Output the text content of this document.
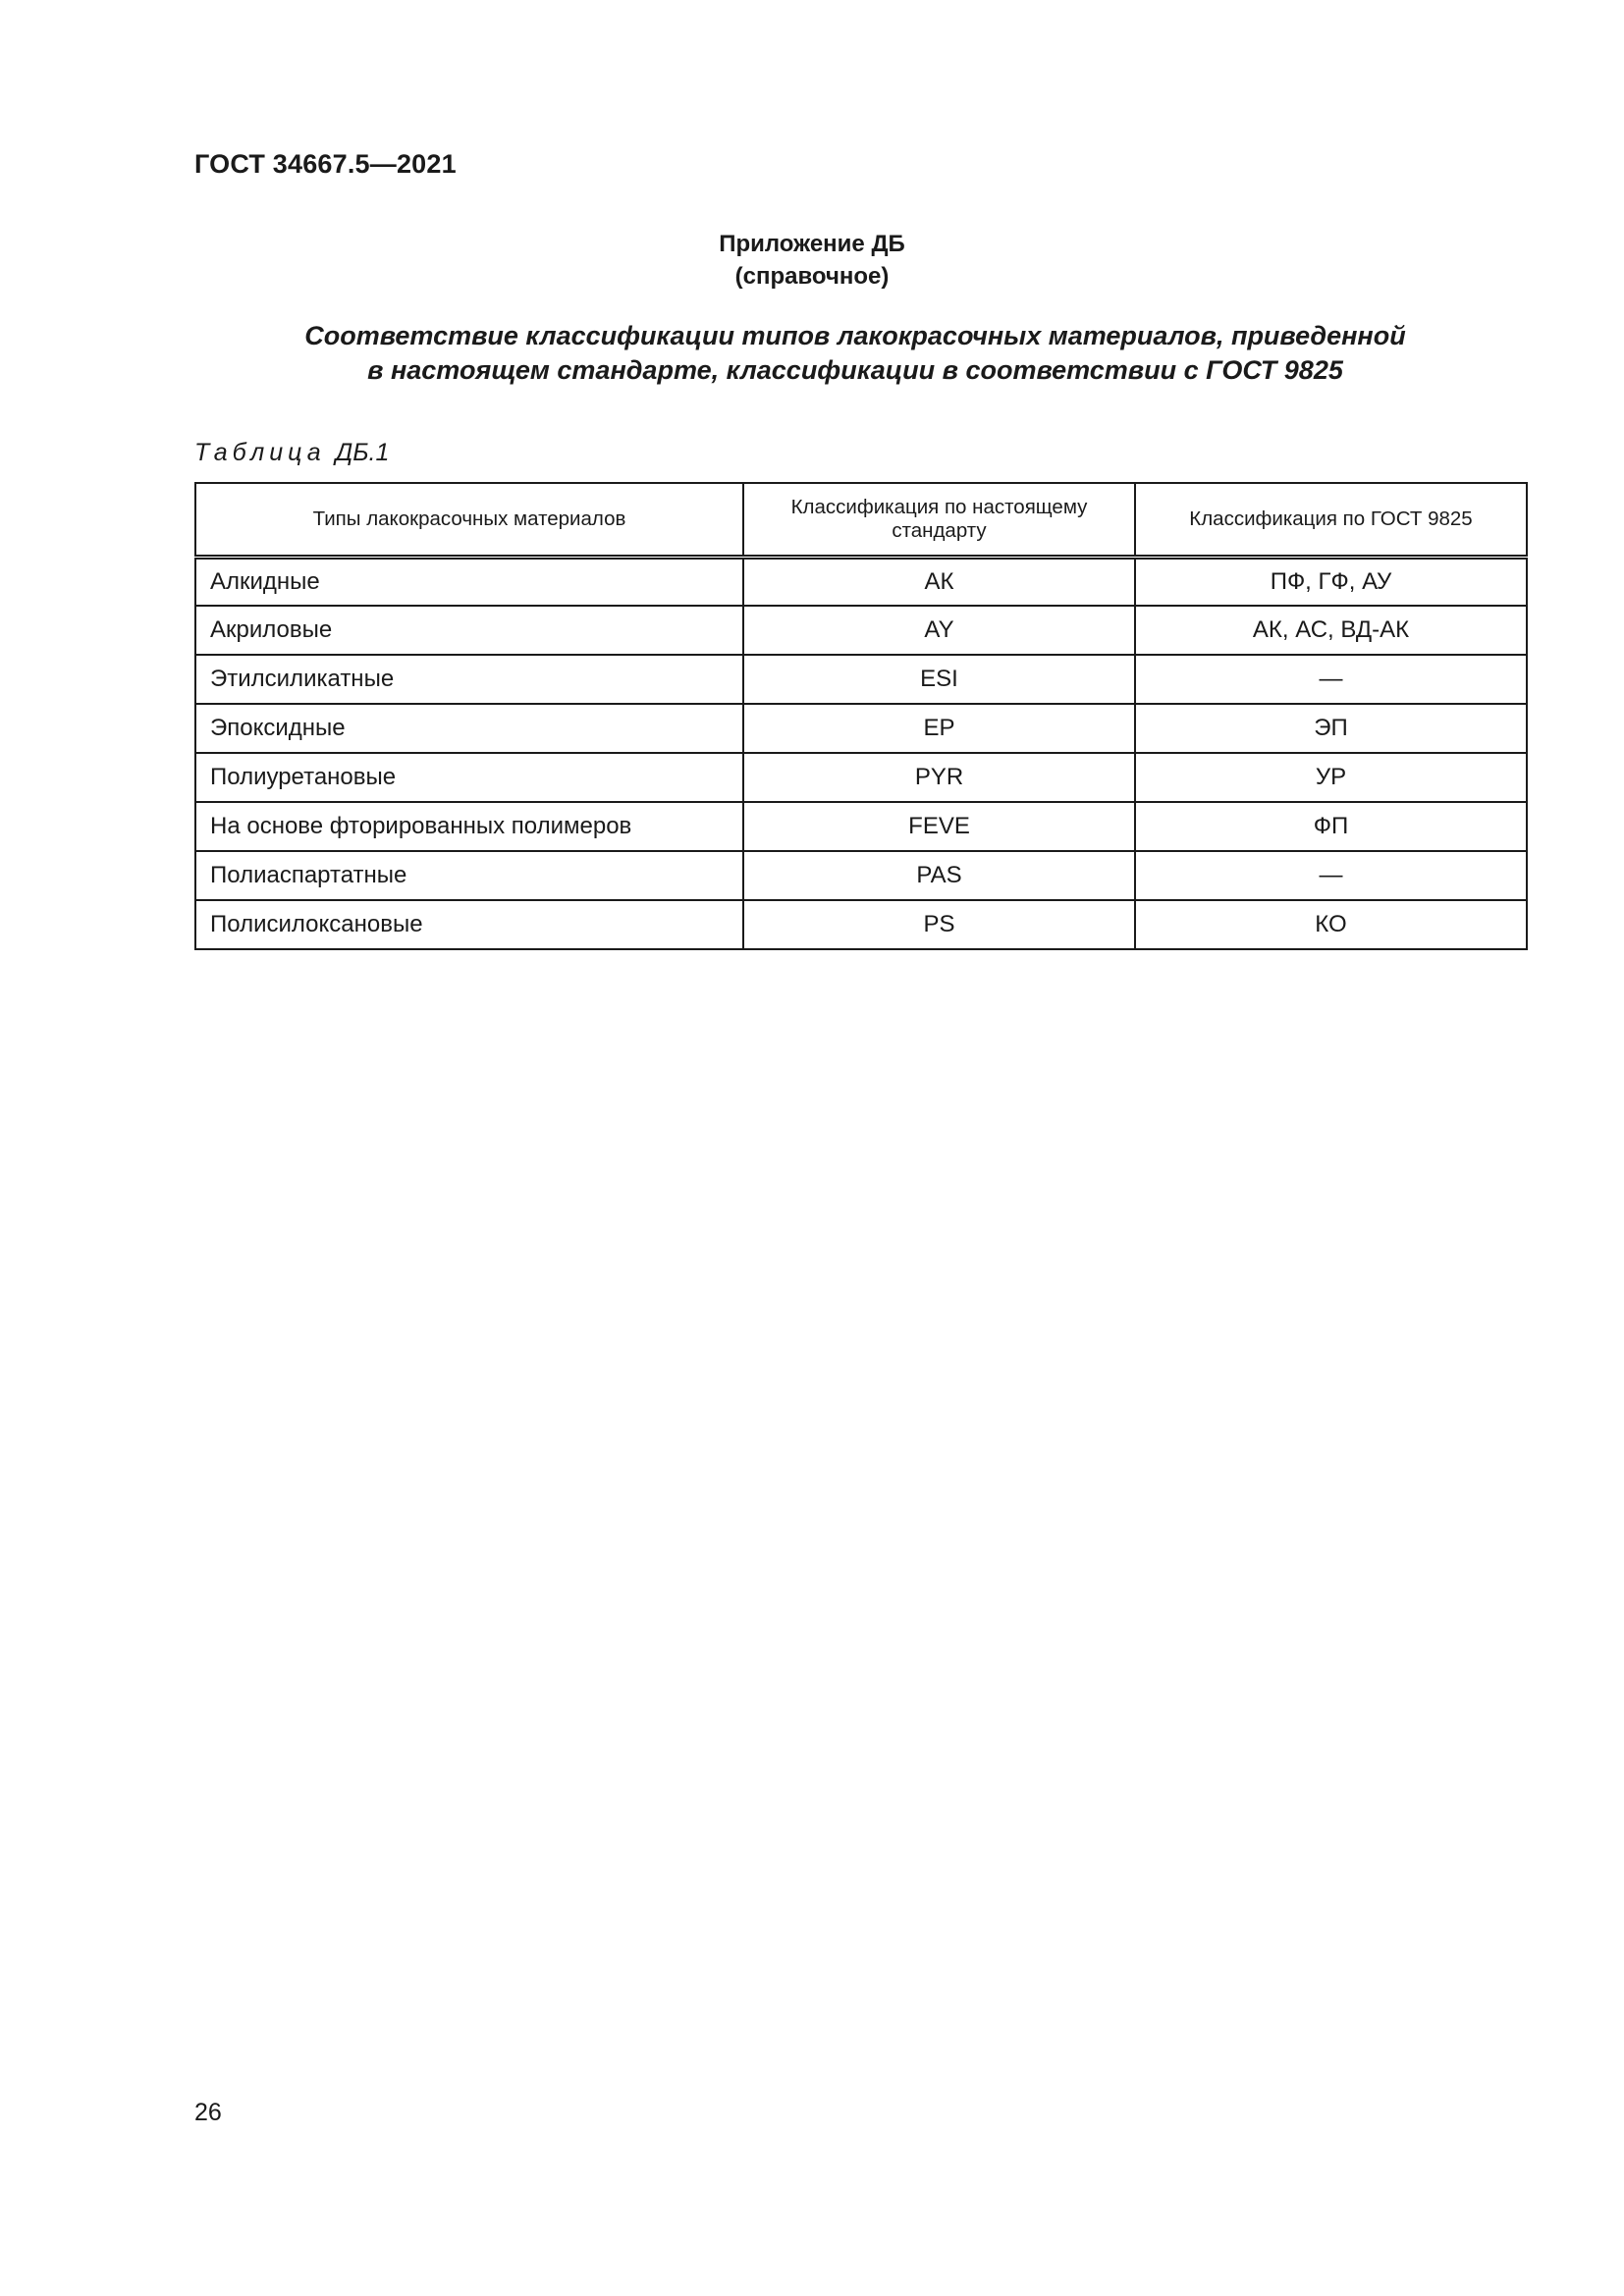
ГОСТ 34667.5—2021
Приложение ДБ
(справочное)
Соответствие классификации типов лакокрасочных материалов, приведенной
в настоящем стандарте, классификации в соответствии с ГОСТ 9825
Таблица ДБ.1
Типы лакокрасочных материалов	Классификация по настоящему стандарту	Классификация по ГОСТ 9825
Алкидные	АК	ПФ, ГФ, АУ
Акриловые	AY	АК, АС, ВД-АК
Этилсиликатные	ESI	—
Эпоксидные	EP	ЭП
Полиуретановые	PYR	УР
На основе фторированных полимеров	FEVE	ФП
Полиаспартатные	PAS	—
Полисилоксановые	PS	КО
26
